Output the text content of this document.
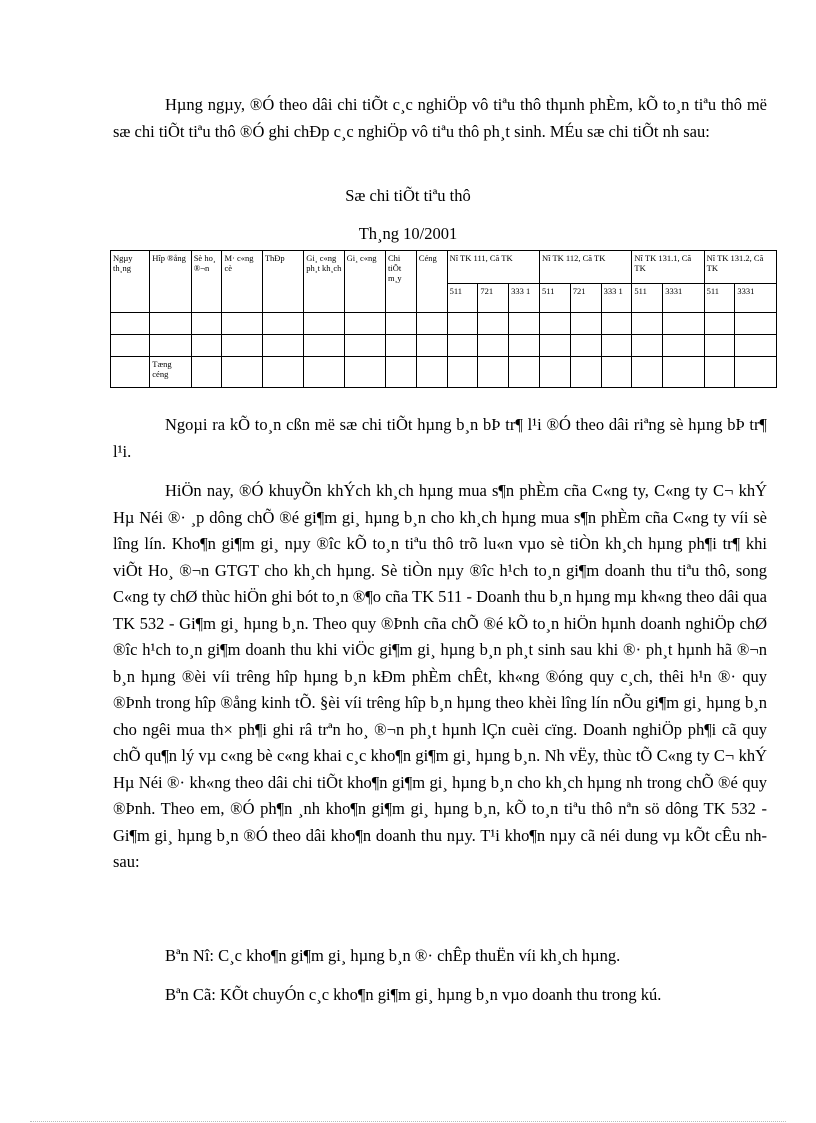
Hµng ngµy, ®Ó theo dâi chi tiÕt c¸c nghiÖp vô tiªu thô thµnh phÈm, kÕ to¸n tiªu thô më sæ chi tiÕt tiªu thô ®Ó ghi chÐp c¸c nghiÖp vô tiªu thô ph¸t sinh. MÉu sæ chi tiÕt nh sau:

Sæ chi tiÕt tiªu thô

Th¸ng 10/2001

Ngµy th¸ng	Hîp ®ång	Sè ho¸ ®¬n	M· c«ng cè	ThÐp	Gi¸ c«ng ph¸t kh¸ch	Gi¸ c«ng	Chi tiÕt m¸y	Céng	Nî TK 111, Cã TK			Nî TK 112, Cã TK			Nî TK 131.1, Cã TK		Nî TK 131.2, Cã TK	
									511	721	333 1	511	721	333 1	511	3331	511	3331

	Tæng céng																	

Ngoµi ra kÕ to¸n cßn më sæ chi tiÕt hµng b¸n bÞ tr¶ l¹i ®Ó theo dâi riªng sè hµng bÞ tr¶ l¹i.

HiÖn nay, ®Ó khuyÕn khÝch kh¸ch hµng mua s¶n phÈm cña C«ng ty, C«ng ty C¬ khÝ Hµ Néi ®· ¸p dông chÕ ®é gi¶m gi¸ hµng b¸n cho kh¸ch hµng mua s¶n phÈm cña C«ng ty víi sè lîng lín. Kho¶n gi¶m gi¸ nµy ®îc kÕ to¸n tiªu thô trõ lu«n vµo sè tiÒn kh¸ch hµng ph¶i tr¶ khi viÕt Ho¸ ®¬n GTGT cho kh¸ch hµng. Sè tiÒn nµy ®îc h¹ch to¸n gi¶m doanh thu tiªu thô, song C«ng ty chØ thùc hiÖn ghi bót to¸n ®¶o cña TK 511 - Doanh thu b¸n hµng mµ kh«ng theo dâi qua TK 532 - Gi¶m gi¸ hµng b¸n. Theo quy ®Þnh cña chÕ ®é kÕ to¸n hiÖn hµnh doanh nghiÖp chØ ®îc h¹ch to¸n gi¶m doanh thu khi viÖc gi¶m gi¸ hµng b¸n ph¸t sinh sau khi ®· ph¸t hµnh hã ®¬n b¸n hµng ®èi víi trêng hîp hµng b¸n kÐm phÈm chÊt, kh«ng ®óng quy c¸ch, thêi h¹n ®· quy ®Þnh trong hîp ®ång kinh tÕ. §èi víi trêng hîp b¸n hµng theo khèi lîng lín nÕu gi¶m gi¸ hµng b¸n cho ngêi mua th× ph¶i ghi râ trªn ho¸ ®¬n ph¸t hµnh lÇn cuèi cïng. Doanh nghiÖp ph¶i cã quy chÕ qu¶n lý vµ c«ng bè c«ng khai c¸c kho¶n gi¶m gi¸ hµng b¸n. Nh vËy, thùc tÕ C«ng ty C¬ khÝ Hµ Néi ®· kh«ng theo dâi chi tiÕt kho¶n gi¶m gi¸ hµng b¸n cho kh¸ch hµng nh trong chÕ ®é quy ®Þnh. Theo em, ®Ó ph¶n ¸nh kho¶n gi¶m gi¸ hµng b¸n, kÕ to¸n tiªu thô nªn sö dông TK 532 - Gi¶m gi¸ hµng b¸n ®Ó theo dâi kho¶n doanh thu nµy. T¹i kho¶n nµy cã néi dung vµ kÕt cÊu nh sau:

Bªn Nî: C¸c kho¶n gi¶m gi¸ hµng b¸n ®· chÊp thuËn víi kh¸ch hµng.

Bªn Cã: KÕt chuyÓn c¸c kho¶n gi¶m gi¸ hµng b¸n vµo doanh thu trong kú.
